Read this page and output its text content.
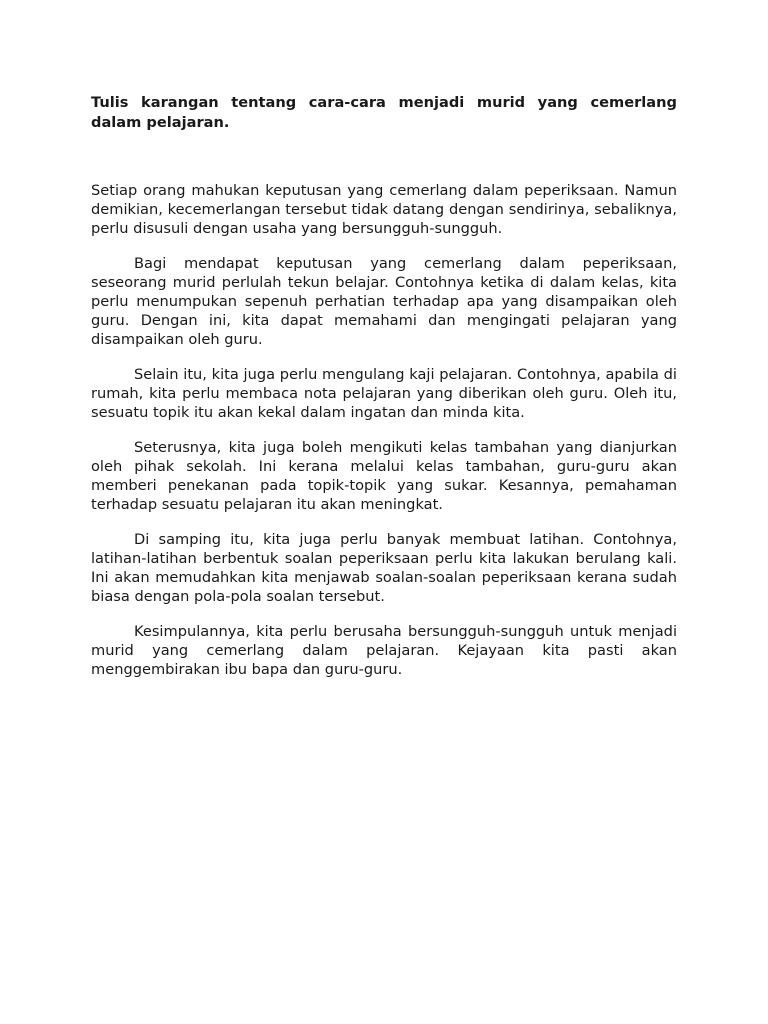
Tulis karangan tentang cara-cara menjadi murid yang cemerlang dalam pelajaran.

Setiap orang mahukan keputusan yang cemerlang dalam peperiksaan. Namun demikian, kecemerlangan tersebut tidak datang dengan sendirinya, sebaliknya, perlu disusuli dengan usaha yang bersungguh-sungguh.

Bagi mendapat keputusan yang cemerlang dalam peperiksaan, seseorang murid perlulah tekun belajar. Contohnya ketika di dalam kelas, kita perlu menumpukan sepenuh perhatian terhadap apa yang disampaikan oleh guru. Dengan ini, kita dapat memahami dan mengingati pelajaran yang disampaikan oleh guru.

Selain itu, kita juga perlu mengulang kaji pelajaran. Contohnya, apabila di rumah, kita perlu membaca nota pelajaran yang diberikan oleh guru. Oleh itu, sesuatu topik itu akan kekal dalam ingatan dan minda kita.

Seterusnya, kita juga boleh mengikuti kelas tambahan yang dianjurkan oleh pihak sekolah. Ini kerana melalui kelas tambahan, guru-guru akan memberi penekanan pada topik-topik yang sukar. Kesannya, pemahaman terhadap sesuatu pelajaran itu akan meningkat.

Di samping itu, kita juga perlu banyak membuat latihan. Contohnya, latihan-latihan berbentuk soalan peperiksaan perlu kita lakukan berulang kali. Ini akan memudahkan kita menjawab soalan-soalan peperiksaan kerana sudah biasa dengan pola-pola soalan tersebut.

Kesimpulannya, kita perlu berusaha bersungguh-sungguh untuk menjadi murid yang cemerlang dalam pelajaran. Kejayaan kita pasti akan menggembirakan ibu bapa dan guru-guru.
